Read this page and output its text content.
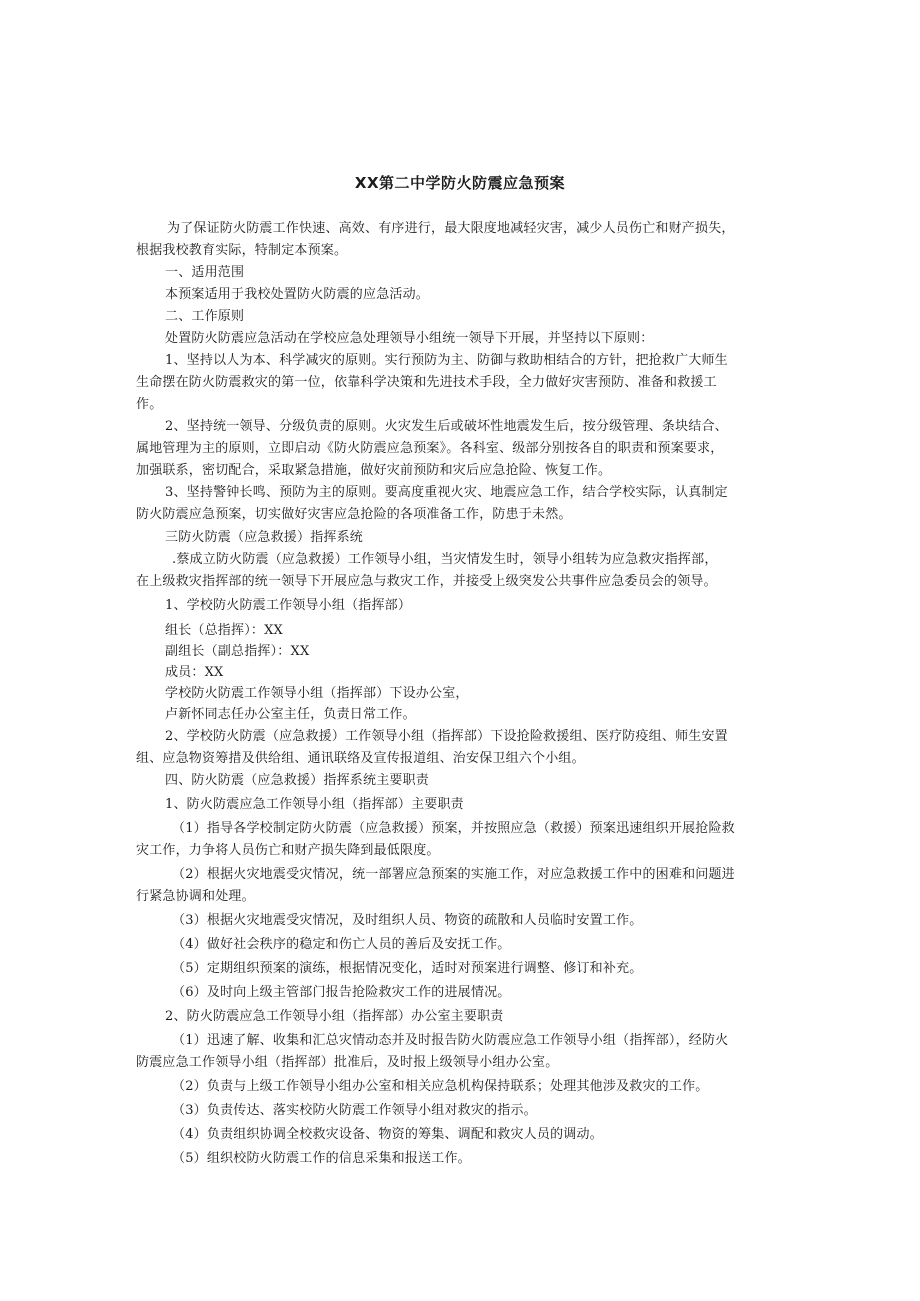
XX第二中学防火防震应急预案
为了保证防火防震工作快速、高效、有序进行，最大限度地减轻灾害，减少人员伤亡和财产损失，
根据我校教育实际，特制定本预案。
一、适用范围
本预案适用于我校处置防火防震的应急活动。
二、工作原则
处置防火防震应急活动在学校应急处理领导小组统一领导下开展，并坚持以下原则：
1、坚持以人为本、科学减灾的原则。实行预防为主、防御与救助相结合的方针，把抢救广大师生
生命摆在防火防震救灾的第一位，依靠科学决策和先进技术手段，全力做好灾害预防、准备和救援工
作。
2、坚持统一领导、分级负责的原则。火灾发生后或破坏性地震发生后，按分级管理、条块结合、
属地管理为主的原则，立即启动《防火防震应急预案》。各科室、级部分别按各自的职责和预案要求，
加强联系，密切配合，采取紧急措施，做好灾前预防和灾后应急抢险、恢复工作。
3、坚持警钟长鸣、预防为主的原则。要高度重视火灾、地震应急工作，结合学校实际，认真制定
防火防震应急预案，切实做好灾害应急抢险的各项准备工作，防患于未然。
三防火防震（应急救援）指挥系统
.蔡成立防火防震（应急救援）工作领导小组，当灾情发生时，领导小组转为应急救灾指挥部，
在上级救灾指挥部的统一领导下开展应急与救灾工作，并接受上级突发公共事件应急委员会的领导。
1、学校防火防震工作领导小组（指挥部）
组长（总指挥）：XX
副组长（副总指挥）：XX
成员：XX
学校防火防震工作领导小组（指挥部）下设办公室，
卢新怀同志任办公室主任，负责日常工作。
2、学校防火防震（应急救援）工作领导小组（指挥部）下设抢险救援组、医疗防疫组、师生安置
组、应急物资筹措及供给组、通讯联络及宣传报道组、治安保卫组六个小组。
四、防火防震（应急救援）指挥系统主要职责
1、防火防震应急工作领导小组（指挥部）主要职责
（1）指导各学校制定防火防震（应急救援）预案，并按照应急（救援）预案迅速组织开展抢险救
灾工作，力争将人员伤亡和财产损失降到最低限度。
（2）根据火灾地震受灾情况，统一部署应急预案的实施工作，对应急救援工作中的困难和问题进
行紧急协调和处理。
（3）根据火灾地震受灾情况，及时组织人员、物资的疏散和人员临时安置工作。
（4）做好社会秩序的稳定和伤亡人员的善后及安抚工作。
（5）定期组织预案的演练，根据情况变化，适时对预案进行调整、修订和补充。
（6）及时向上级主管部门报告抢险救灾工作的进展情况。
2、防火防震应急工作领导小组（指挥部）办公室主要职责
（1）迅速了解、收集和汇总灾情动态并及时报告防火防震应急工作领导小组（指挥部），经防火
防震应急工作领导小组（指挥部）批准后，及时报上级领导小组办公室。
（2）负责与上级工作领导小组办公室和相关应急机构保持联系；处理其他涉及救灾的工作。
（3）负责传达、落实校防火防震工作领导小组对救灾的指示。
（4）负责组织协调全校救灾设备、物资的筹集、调配和救灾人员的调动。
（5）组织校防火防震工作的信息采集和报送工作。
